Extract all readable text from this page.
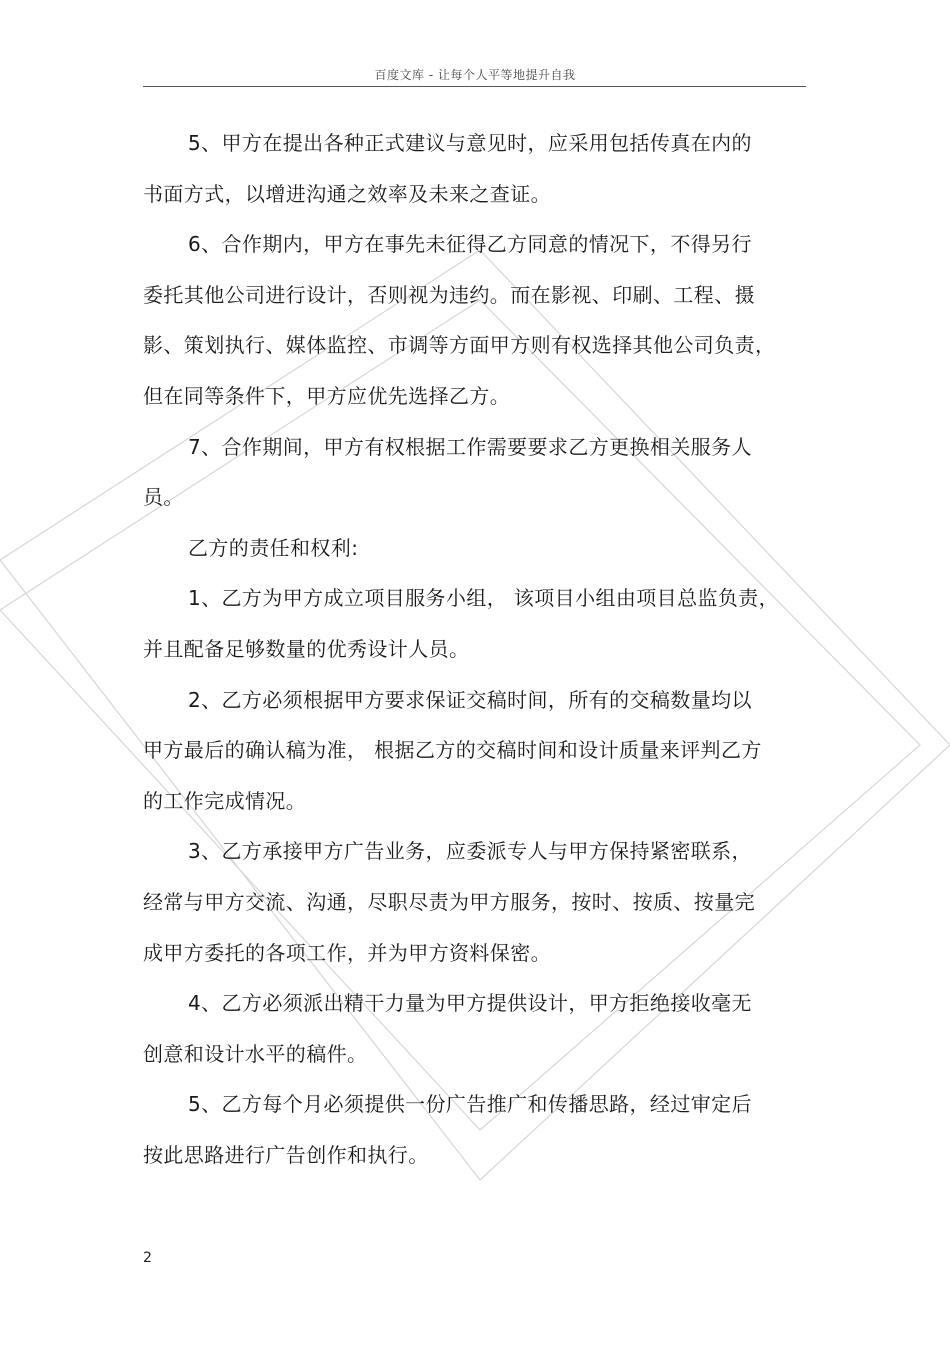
百度文库 - 让每个人平等地提升自我

5、甲方在提出各种正式建议与意见时，应采用包括传真在内的

书面方式，以增进沟通之效率及未来之查证。

6、合作期内，甲方在事先未征得乙方同意的情况下，不得另行

委托其他公司进行设计，否则视为违约。而在影视、印刷、工程、摄

影、策划执行、媒体监控、市调等方面甲方则有权选择其他公司负责，

但在同等条件下，甲方应优先选择乙方。

7、合作期间，甲方有权根据工作需要要求乙方更换相关服务人

员。

乙方的责任和权利:

1、乙方为甲方成立项目服务小组， 该项目小组由项目总监负责，

并且配备足够数量的优秀设计人员。

2、乙方必须根据甲方要求保证交稿时间，所有的交稿数量均以

甲方最后的确认稿为准， 根据乙方的交稿时间和设计质量来评判乙方

的工作完成情况。

3、乙方承接甲方广告业务，应委派专人与甲方保持紧密联系，

经常与甲方交流、沟通，尽职尽责为甲方服务，按时、按质、按量完

成甲方委托的各项工作，并为甲方资料保密。

4、乙方必须派出精干力量为甲方提供设计，甲方拒绝接收毫无

创意和设计水平的稿件。

5、乙方每个月必须提供一份广告推广和传播思路，经过审定后

按此思路进行广告创作和执行。

2
